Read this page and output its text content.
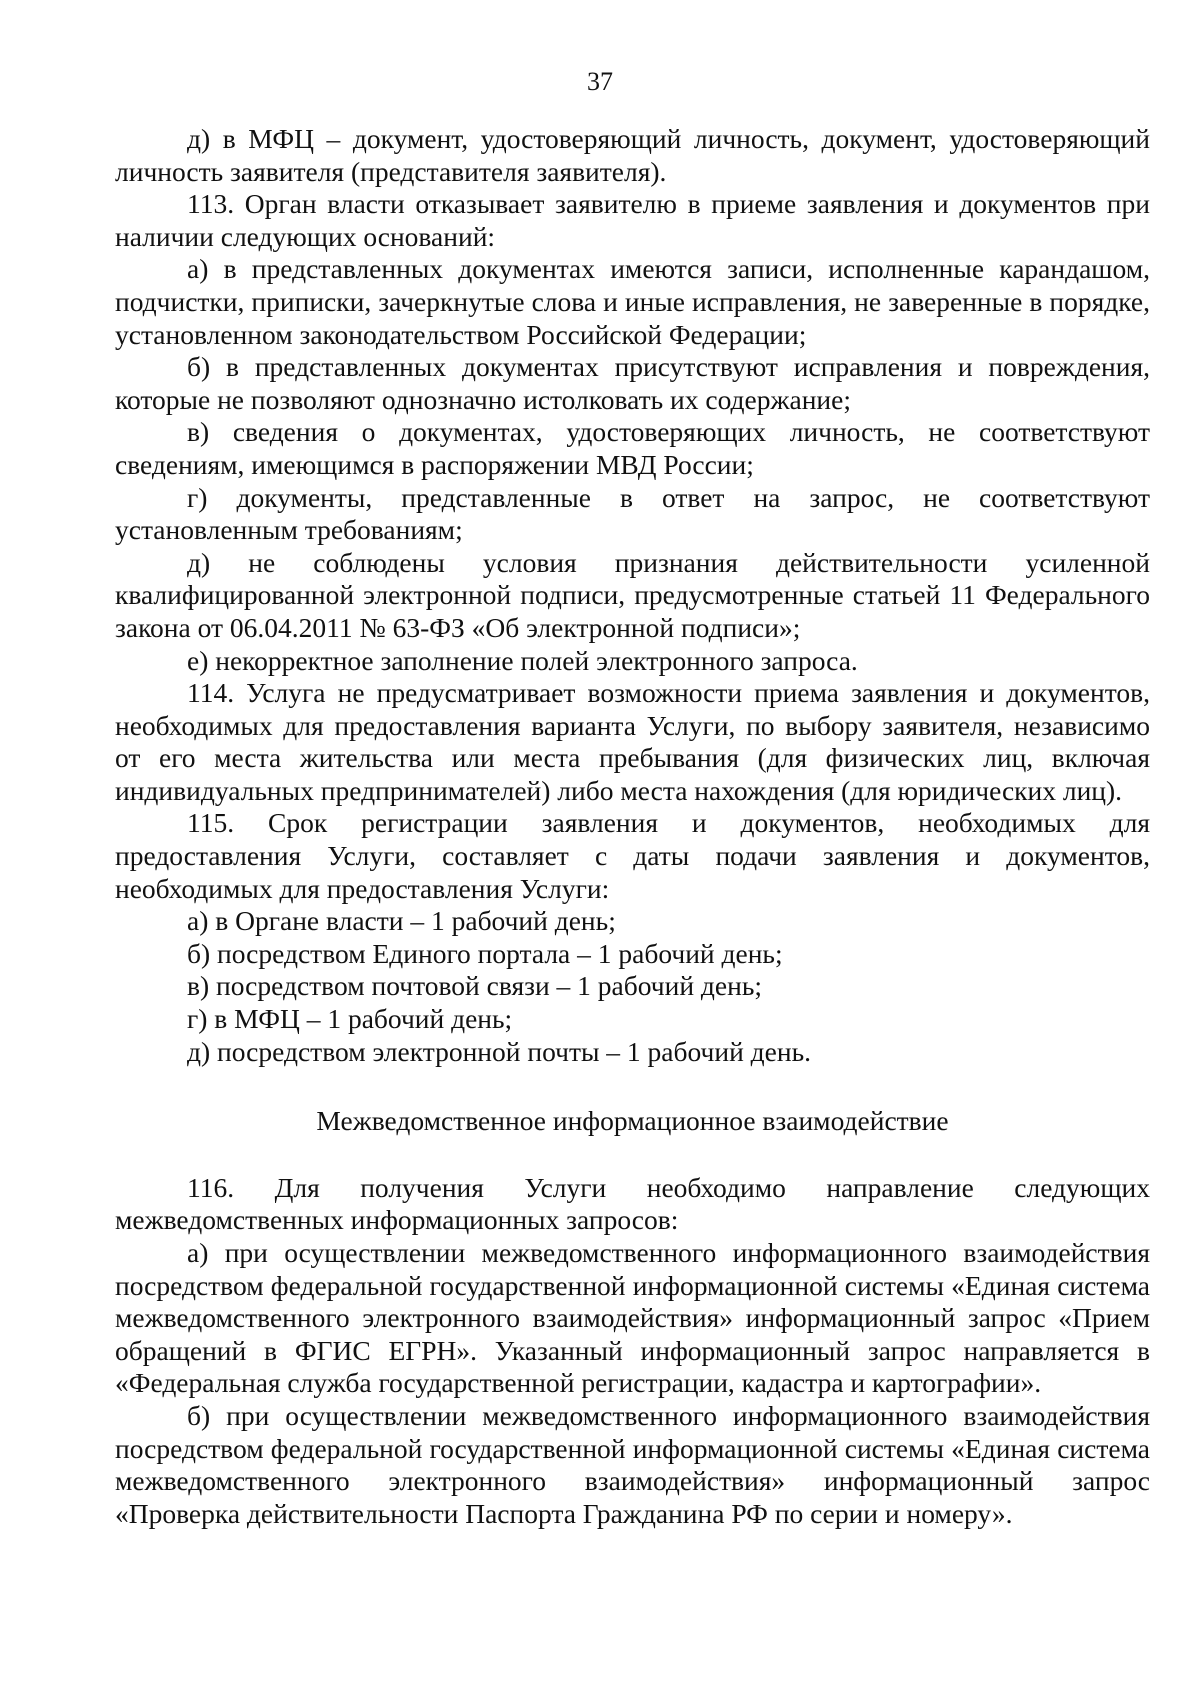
37

д) в МФЦ – документ, удостоверяющий личность, документ, удостоверяющий личность заявителя (представителя заявителя).

113. Орган власти отказывает заявителю в приеме заявления и документов при наличии следующих оснований:

а) в представленных документах имеются записи, исполненные карандашом, подчистки, приписки, зачеркнутые слова и иные исправления, не заверенные в порядке, установленном законодательством Российской Федерации;

б) в представленных документах присутствуют исправления и повреждения, которые не позволяют однозначно истолковать их содержание;

в) сведения о документах, удостоверяющих личность, не соответствуют сведениям, имеющимся в распоряжении МВД России;

г) документы, представленные в ответ на запрос, не соответствуют установленным требованиям;

д) не соблюдены условия признания действительности усиленной квалифицированной электронной подписи, предусмотренные статьей 11 Федерального закона от 06.04.2011 № 63-ФЗ «Об электронной подписи»;

е) некорректное заполнение полей электронного запроса.

114. Услуга не предусматривает возможности приема заявления и документов, необходимых для предоставления варианта Услуги, по выбору заявителя, независимо от его места жительства или места пребывания (для физических лиц, включая индивидуальных предпринимателей) либо места нахождения (для юридических лиц).

115. Срок регистрации заявления и документов, необходимых для предоставления Услуги, составляет с даты подачи заявления и документов, необходимых для предоставления Услуги:

а) в Органе власти – 1 рабочий день;

б) посредством Единого портала – 1 рабочий день;

в) посредством почтовой связи – 1 рабочий день;

г) в МФЦ – 1 рабочий день;

д) посредством электронной почты – 1 рабочий день.

Межведомственное информационное взаимодействие

116. Для получения Услуги необходимо направление следующих межведомственных информационных запросов:

а) при осуществлении межведомственного информационного взаимодействия посредством федеральной государственной информационной системы «Единая система межведомственного электронного взаимодействия» информационный запрос «Прием обращений в ФГИС ЕГРН». Указанный информационный запрос направляется в «Федеральная служба государственной регистрации, кадастра и картографии».

б) при осуществлении межведомственного информационного взаимодействия посредством федеральной государственной информационной системы «Единая система межведомственного электронного взаимодействия» информационный запрос «Проверка действительности Паспорта Гражданина РФ по серии и номеру».
